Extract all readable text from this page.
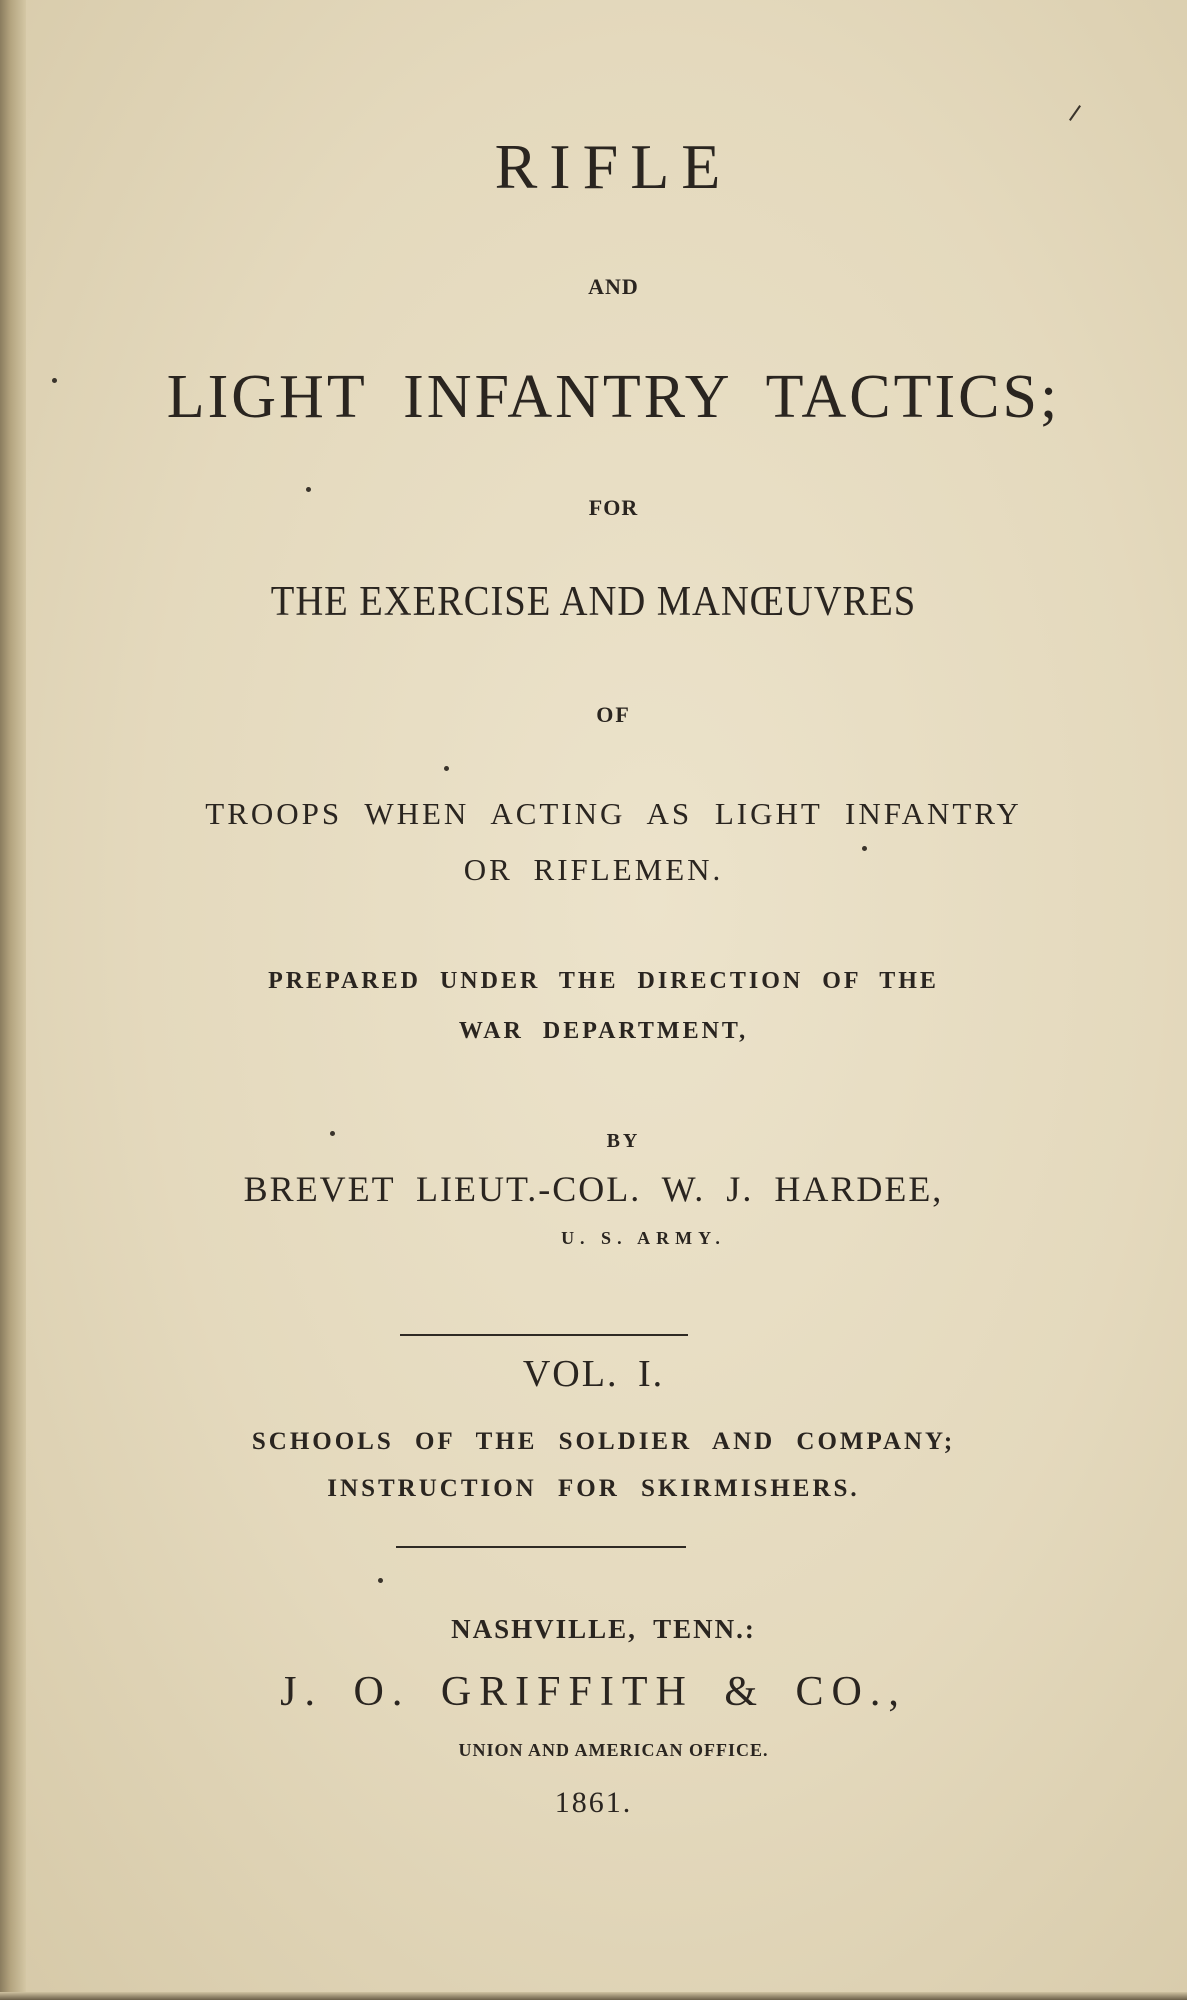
RIFLE

AND

LIGHT INFANTRY TACTICS;

FOR

THE EXERCISE AND MANŒUVRES

OF

TROOPS WHEN ACTING AS LIGHT INFANTRY

OR RIFLEMEN.

PREPARED UNDER THE DIRECTION OF THE

WAR DEPARTMENT,

BY

BREVET LIEUT.-COL. W. J. HARDEE,

U. S. ARMY.

VOL. I.

SCHOOLS OF THE SOLDIER AND COMPANY;

INSTRUCTION FOR SKIRMISHERS.

NASHVILLE, TENN.:

J. O. GRIFFITH & CO.,

UNION AND AMERICAN OFFICE.

1861.
